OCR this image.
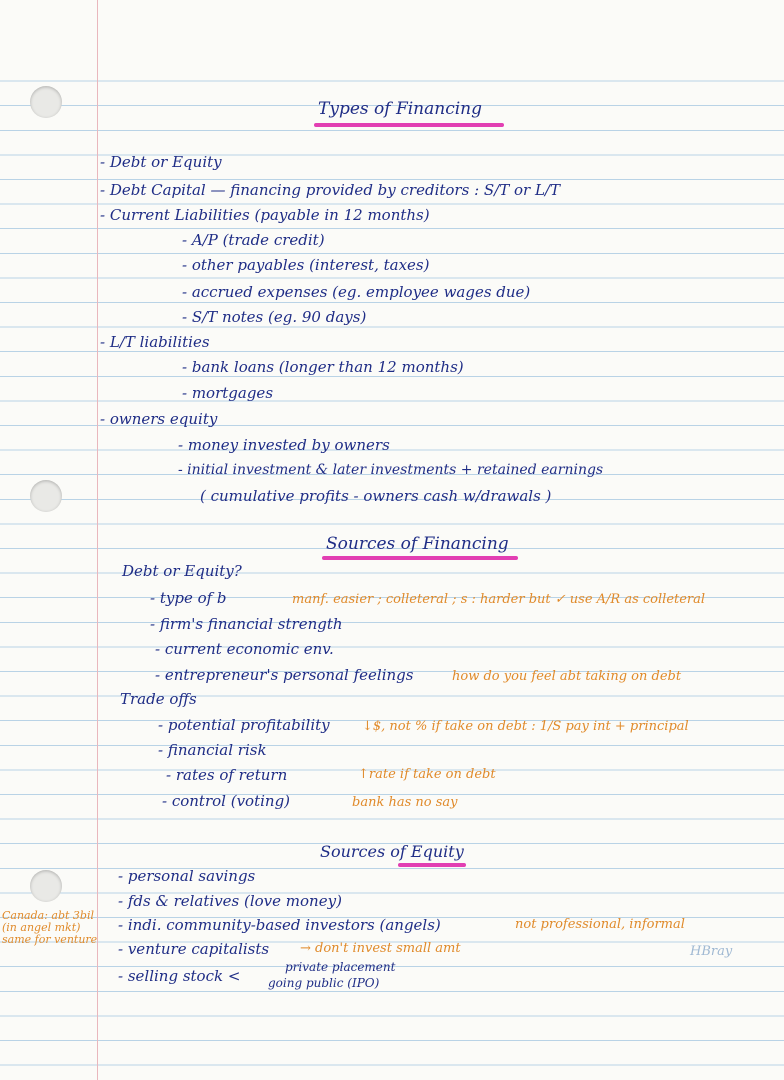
Types of Financing
- Debt or Equity
- Debt Capital — financing provided by creditors : S/T or L/T
- Current Liabilities (payable in 12 months)
- A/P (trade credit)
- other payables (interest, taxes)
- accrued expenses (eg. employee wages due)
- S/T notes (eg. 90 days)
- L/T liabilities
- bank loans (longer than 12 months)
- mortgages
- owners equity
- money invested by owners
- initial investment & later investments + retained earnings
( cumulative profits - owners cash w/drawals )
Sources of Financing
Debt or Equity?
- type of b	manf. easier ; colleteral ; s : harder but ✓ use A/R as colleteral
- firm's financial strength
- current economic env.
- entrepreneur's personal feelings	how do you feel abt taking on debt
Trade offs
- potential profitability ↓$, not % if take on debt : 1/S pay int + principal
- financial risk
- rates of return	↑rate if take on debt
- control (voting)	bank has no say
Sources of Equity
- personal savings
- fds & relatives (love money)
- indi. community-based investors (angels)	not professional, informal
- venture capitalists → don't invest small amt
- selling stock <	private placement
going public (IPO)
Canada: abt 3bil
(in angel mkt)
same for venture
HBray
